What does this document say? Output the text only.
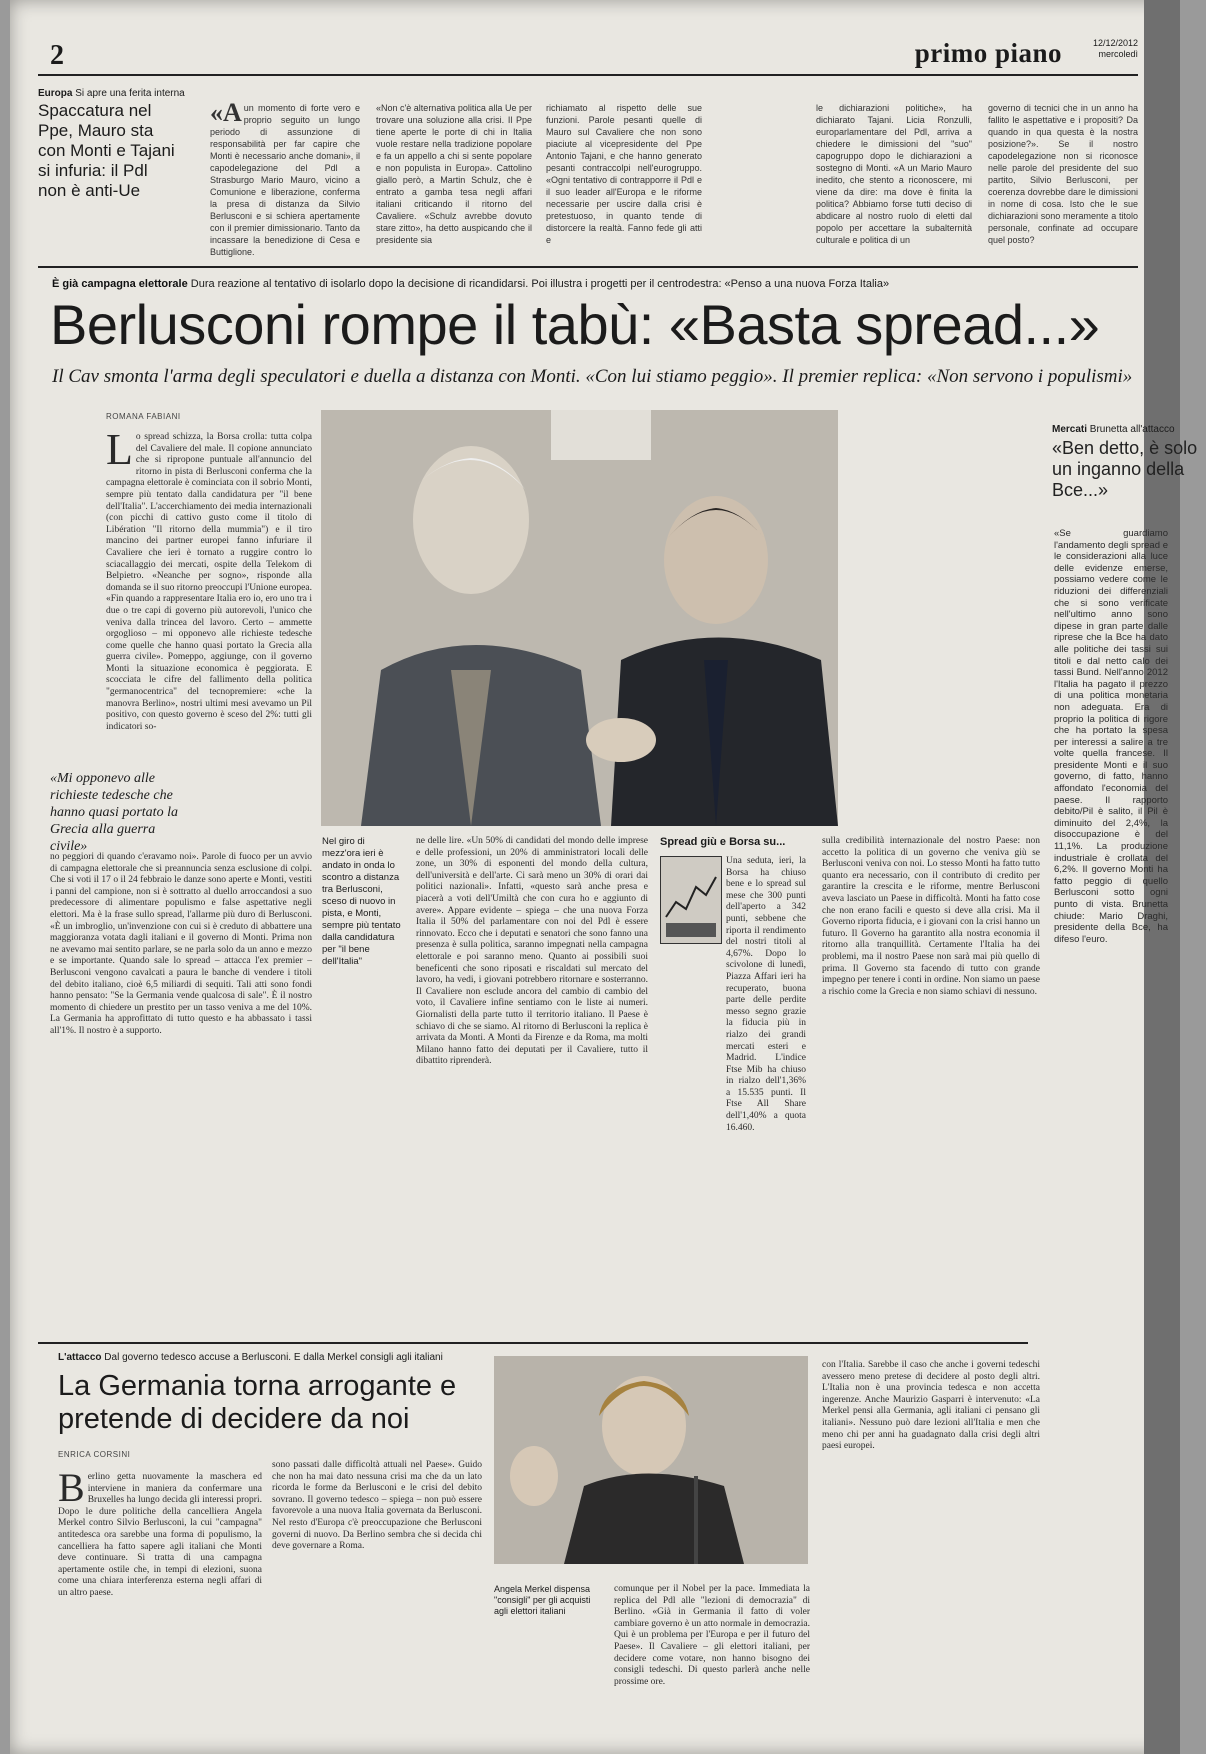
2	primo piano	12/12/2012
mercoledì
Europa Si apre una ferita interna
Spaccatura nel Ppe, Mauro sta con Monti e Tajani si infuria: il Pdl non è anti-Ue
«Aun momento di forte vero e proprio seguito un lungo periodo di assunzione di responsabilità per far capire che Monti è necessario anche domani», il capodelegazione del Pdl a Strasburgo Mario Mauro, vicino a Comunione e liberazione, conferma la presa di distanza da Silvio Berlusconi e si schiera apertamente con il premier dimissionario. Tanto da incassare la benedizione di Cesa e Buttiglione.
«Non c'è alternativa politica alla Ue per trovare una soluzione alla crisi. Il Ppe tiene aperte le porte di chi in Italia vuole restare nella tradizione popolare e fa un appello a chi si sente popolare e non populista in Europa». Cattolino giallo però, a Martin Schulz, che è entrato a gamba tesa negli affari italiani criticando il ritorno del Cavaliere. «Schulz avrebbe dovuto stare zitto», ha detto auspicando che il presidente sia
richiamato al rispetto delle sue funzioni. Parole pesanti quelle di Mauro sul Cavaliere che non sono piaciute al vicepresidente del Ppe Antonio Tajani, e che hanno generato pesanti contraccolpi nell'eurogruppo. «Ogni tentativo di contrapporre il Pdl e il suo leader all'Europa e le riforme necessarie per uscire dalla crisi è pretestuoso, in quanto tende di distorcere la realtà. Fanno fede gli atti e
le dichiarazioni politiche», ha dichiarato Tajani. Licia Ronzulli, europarlamentare del Pdl, arriva a chiedere le dimissioni del "suo" capogruppo dopo le dichiarazioni a sostegno di Monti. «A un Mario Mauro inedito, che stento a riconoscere, mi viene da dire: ma dove è finita la politica? Abbiamo forse tutti deciso di abdicare al nostro ruolo di eletti dal popolo per accettare la subalternità culturale e politica di un
governo di tecnici che in un anno ha fallito le aspettative e i propositi? Da quando in qua questa è la nostra posizione?». Se il nostro capodelegazione non si riconosce nelle parole del presidente del suo partito, Silvio Berlusconi, per coerenza dovrebbe dare le dimissioni in nome di cosa. Isto che le sue dichiarazioni sono meramente a titolo personale, confinate ad occupare quel posto?
È già campagna elettorale Dura reazione al tentativo di isolarlo dopo la decisione di ricandidarsi. Poi illustra i progetti per il centrodestra: «Penso a una nuova Forza Italia»
Berlusconi rompe il tabù: «Basta spread...»
Il Cav smonta l'arma degli speculatori e duella a distanza con Monti. «Con lui stiamo peggio». Il premier replica: «Non servono i populismi»
ROMANA FABIANI
Lo spread schizza, la Borsa crolla: tutta colpa del Cavaliere del male. Il copione annunciato che si ripropone puntuale all'annuncio del ritorno in pista di Berlusconi conferma che la campagna elettorale è cominciata con il sobrio Monti, sempre più tentato dalla candidatura per "il bene dell'Italia". L'accerchiamento dei media internazionali (con picchi di cattivo gusto come il titolo di Libération "Il ritorno della mummia") e il tiro mancino dei partner europei fanno infuriare il Cavaliere che ieri è tornato a ruggire contro lo sciacallaggio dei mercati, ospite della Telekom di Belpietro. «Neanche per sogno», risponde alla domanda se il suo ritorno preoccupi l'Unione europea. «Fin quando a rappresentare Italia ero io, ero uno tra i due o tre capi di governo più autorevoli, l'unico che veniva dalla trincea del lavoro. Certo – ammette orgoglioso – mi opponevo alle richieste tedesche come quelle che hanno quasi portato la Grecia alla guerra civile». Pomeppo, aggiunge, con il governo Monti la situazione economica è peggiorata. E scocciata le cifre del fallimento della politica "germanocentrica" del tecnopremiere: «che la manovra Berlino», nostri ultimi mesi avevamo un Pil positivo, con questo governo è sceso del 2%: tutti gli indicatori so-
«Mi opponevo alle richieste tedesche che hanno quasi portato la Grecia alla guerra civile»
no peggiori di quando c'eravamo noi». Parole di fuoco per un avvio di campagna elettorale che si preannuncia senza esclusione di colpi. Che si voti il 17 o il 24 febbraio le danze sono aperte e Monti, vestiti i panni del campione, non si è sottratto al duello arroccandosi a suo predecessore di alimentare populismo e false aspettative negli elettori. Ma è la frase sullo spread, l'allarme più duro di Berlusconi. «È un imbroglio, un'invenzione con cui si è creduto di abbattere una maggioranza votata dagli italiani e il governo di Monti. Prima non ne avevamo mai sentito parlare, se ne parla solo da un anno e mezzo e se importante. Quando sale lo spread – attacca l'ex premier – Berlusconi vengono cavalcati a paura le banche di vendere i titoli del debito italiano, cioè 6,5 miliardi di sequiti. Tali atti sono fondi hanno pensato: "Se la Germania vende qualcosa di sale". È il nostro momento di chiedere un prestito per un tasso veniva a me del 10%. La Germania ha approfittato di tutto questo e ha abbassato i tassi all'1%. Il nostro è a supporto.
Nel giro di mezz'ora ieri è andato in onda lo scontro a distanza tra Berlusconi, sceso di nuovo in pista, e Monti, sempre più tentato dalla candidatura per "il bene dell'Italia"
ne delle lire. «Un 50% di candidati del mondo delle imprese e delle professioni, un 20% di amministratori locali delle zone, un 30% di esponenti del mondo della cultura, dell'università e dell'arte. Ci sarà meno un 30% di orari dai politici nazionali». Infatti, «questo sarà anche presa e piacerà a voti dell'Umiltà che con cura ho e aggiunto di avere». Appare evidente – spiega – che una nuova Forza Italia il 50% del parlamentare con noi del Pdl è essere rinnovato. Ecco che i deputati e senatori che sono fanno una presenza è sulla politica, saranno impegnati nella campagna elettorale e poi saranno meno. Quanto ai possibili suoi beneficenti che sono riposati e riscaldati sul mercato del lavoro, ha vedi, i giovani potrebbero ritornare e sosterranno. Il Cavaliere non esclude ancora del cambio di cambio del voto, il Cavaliere infine sentiamo con le liste ai numeri. Giornalisti della parte tutto il territorio italiano. Il Paese è schiavo di che se siamo. Al ritorno di Berlusconi la replica è arrivata da Monti. A Monti da Firenze e da Roma, ma molti Milano hanno fatto dei deputati per il Cavaliere, tutto il dibattito riprenderà.
Spread giù e Borsa su...
Una seduta, ieri, la Borsa ha chiuso bene e lo spread sul mese che 300 punti dell'aperto a 342 punti, sebbene che riporta il rendimento del nostri titoli al 4,67%. Dopo lo scivolone di lunedì, Piazza Affari ieri ha recuperato, buona parte delle perdite messo segno grazie la fiducia più in rialzo dei grandi mercati esteri e Madrid. L'indice Ftse Mib ha chiuso in rialzo dell'1,36% a 15.535 punti. Il Ftse All Share dell'1,40% a quota 16.460.
sulla credibilità internazionale del nostro Paese: non accetto la politica di un governo che veniva giù se Berlusconi veniva con noi. Lo stesso Monti ha fatto tutto quanto era necessario, con il contributo di credito per garantire la crescita e le riforme, mentre Berlusconi aveva lasciato un Paese in difficoltà. Monti ha fatto cose che non erano facili e questo si deve alla crisi. Ma il Governo riporta fiducia, e i giovani con la crisi hanno un futuro. Il Governo ha garantito alla nostra economia il ritorno alla tranquillità. Certamente l'Italia ha dei problemi, ma il nostro Paese non sarà mai più quello di prima. Il Governo sta facendo di tutto con grande impegno per tenere i conti in ordine. Non siamo un paese a rischio come la Grecia e non siamo schiavi di nessuno.
Mercati Brunetta all'attacco
«Ben detto, è solo un inganno della Bce...»
«Se guardiamo l'andamento degli spread e le considerazioni alla luce delle evidenze emerse, possiamo vedere come le riduzioni dei differenziali che si sono verificate nell'ultimo anno sono dipese in gran parte dalle riprese che la Bce ha dato alle politiche dei tassi sui titoli e dal netto calo dei tassi Bund. Nell'anno 2012 l'Italia ha pagato il prezzo di una politica monetaria non adeguata. Era di proprio la politica di rigore che ha portato la spesa per interessi a salire a tre volte quella francese. Il presidente Monti e il suo governo, di fatto, hanno affondato l'economia del paese. Il rapporto debito/Pil è salito, il Pil è diminuito del 2,4%, la disoccupazione è del 11,1%. La produzione industriale è crollata del 6,2%. Il governo Monti ha fatto peggio di quello Berlusconi sotto ogni punto di vista. Brunetta chiude: Mario Draghi, presidente della Bce, ha difeso l'euro.
L'attacco Dal governo tedesco accuse a Berlusconi. E dalla Merkel consigli agli italiani
La Germania torna arrogante e pretende di decidere da noi
ENRICA CORSINI
Berlino getta nuovamente la maschera ed interviene in maniera da confermare una Bruxelles ha lungo decida gli interessi propri. Dopo le dure politiche della cancelliera Angela Merkel contro Silvio Berlusconi, la cui "campagna" antitedesca ora sarebbe una forma di populismo, la cancelliera ha fatto sapere agli italiani che Monti deve continuare. Si tratta di una campagna apertamente ostile che, in tempi di elezioni, suona come una chiara interferenza esterna negli affari di un altro paese.
sono passati dalle difficoltà attuali nel Paese». Guido che non ha mai dato nessuna crisi ma che da un lato ricorda le forme da Berlusconi e le crisi del debito sovrano. Il governo tedesco – spiega – non può essere favorevole a una nuova Italia governata da Berlusconi. Nel resto d'Europa c'è preoccupazione che Berlusconi governi di nuovo. Da Berlino sembra che si decida chi deve governare a Roma.
Angela Merkel dispensa "consigli" per gli acquisti agli elettori italiani
comunque per il Nobel per la pace. Immediata la replica del Pdl alle "lezioni di democrazia" di Berlino. «Già in Germania il fatto di voler cambiare governo è un atto normale in democrazia. Qui è un problema per l'Europa e per il futuro del Paese». Il Cavaliere – gli elettori italiani, per decidere come votare, non hanno bisogno dei consigli tedeschi. Di questo parlerà anche nelle prossime ore.
con l'Italia. Sarebbe il caso che anche i governi tedeschi avessero meno pretese di decidere al posto degli altri. L'Italia non è una provincia tedesca e non accetta ingerenze. Anche Maurizio Gasparri è intervenuto: «La Merkel pensi alla Germania, agli italiani ci pensano gli italiani». Nessuno può dare lezioni all'Italia e men che meno chi per anni ha guadagnato dalla crisi degli altri paesi europei.
